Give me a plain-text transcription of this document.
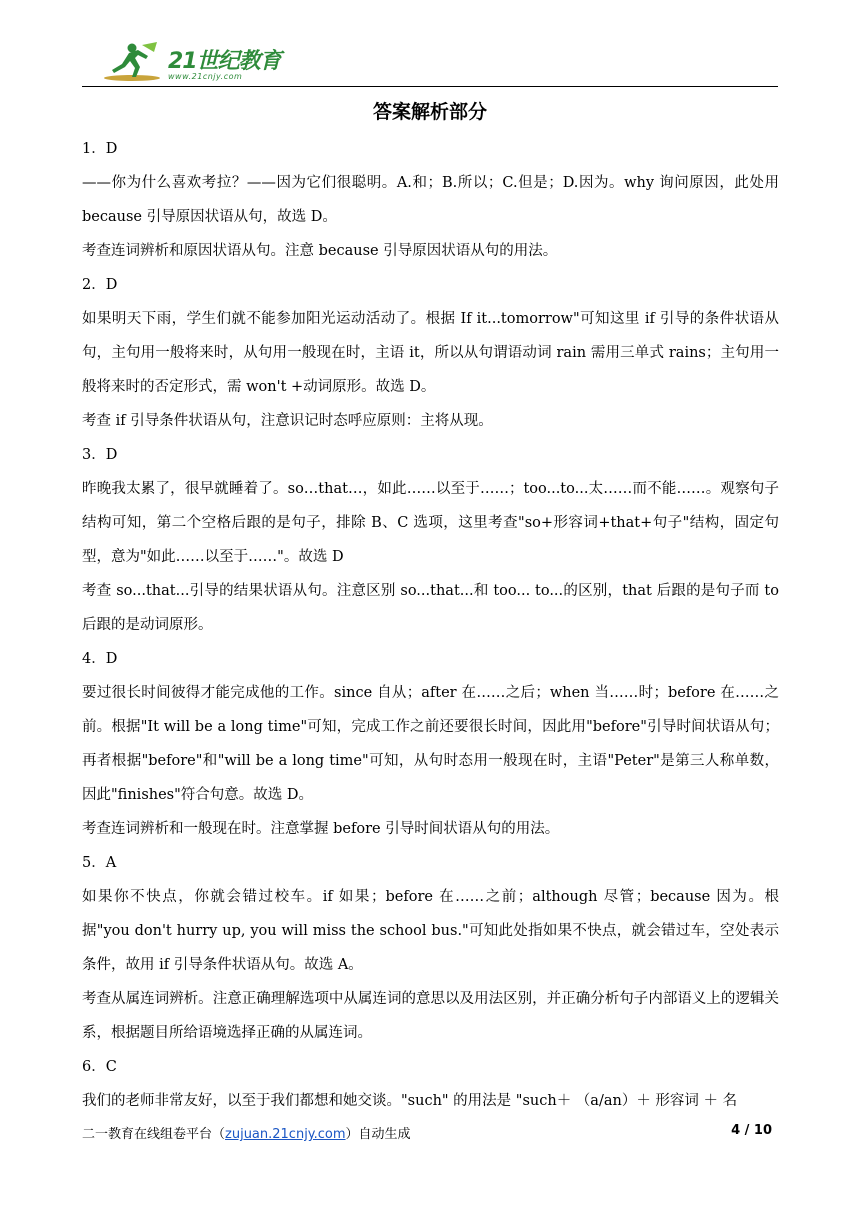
21世纪教育
www.21cnjy.com
答案解析部分

1．D

——你为什么喜欢考拉？——因为它们很聪明。A.和；B.所以；C.但是；D.因为。why 询问原因，此处用 because 引导原因状语从句，故选 D。

考查连词辨析和原因状语从句。注意 because 引导原因状语从句的用法。

2．D

如果明天下雨，学生们就不能参加阳光运动活动了。根据 If it...tomorrow"可知这里 if 引导的条件状语从句，主句用一般将来时，从句用一般现在时，主语 it，所以从句谓语动词 rain 需用三单式 rains；主句用一般将来时的否定形式，需 won't +动词原形。故选 D。

考查 if 引导条件状语从句，注意识记时态呼应原则：主将从现。

3．D

昨晚我太累了，很早就睡着了。so…that…，如此……以至于……；too...to...太……而不能……。观察句子结构可知，第二个空格后跟的是句子，排除 B、C 选项，这里考查"so+形容词+that+句子"结构，固定句型，意为"如此……以至于……"。故选 D

考查 so...that...引导的结果状语从句。注意区别 so...that...和 too... to...的区别，that 后跟的是句子而 to 后跟的是动词原形。

4．D

要过很长时间彼得才能完成他的工作。since 自从；after 在……之后；when 当……时；before 在……之前。根据"It will be a long time"可知，完成工作之前还要很长时间，因此用"before"引导时间状语从句；再者根据"before"和"will be a long time"可知，从句时态用一般现在时，主语"Peter"是第三人称单数，因此"finishes"符合句意。故选 D。

考查连词辨析和一般现在时。注意掌握 before 引导时间状语从句的用法。

5．A

如果你不快点，你就会错过校车。if 如果；before 在……之前；although 尽管；because 因为。根据"you don't hurry up, you will miss the school bus."可知此处指如果不快点，就会错过车，空处表示条件，故用 if 引导条件状语从句。故选 A。

考查从属连词辨析。注意正确理解选项中从属连词的意思以及用法区别，并正确分析句子内部语义上的逻辑关系，根据题目所给语境选择正确的从属连词。

6．C

我们的老师非常友好，以至于我们都想和她交谈。"such" 的用法是 "such＋ （a/an）＋ 形容词 ＋ 名

二一教育在线组卷平台（zujuan.21cnjy.com）自动生成	4 / 10
